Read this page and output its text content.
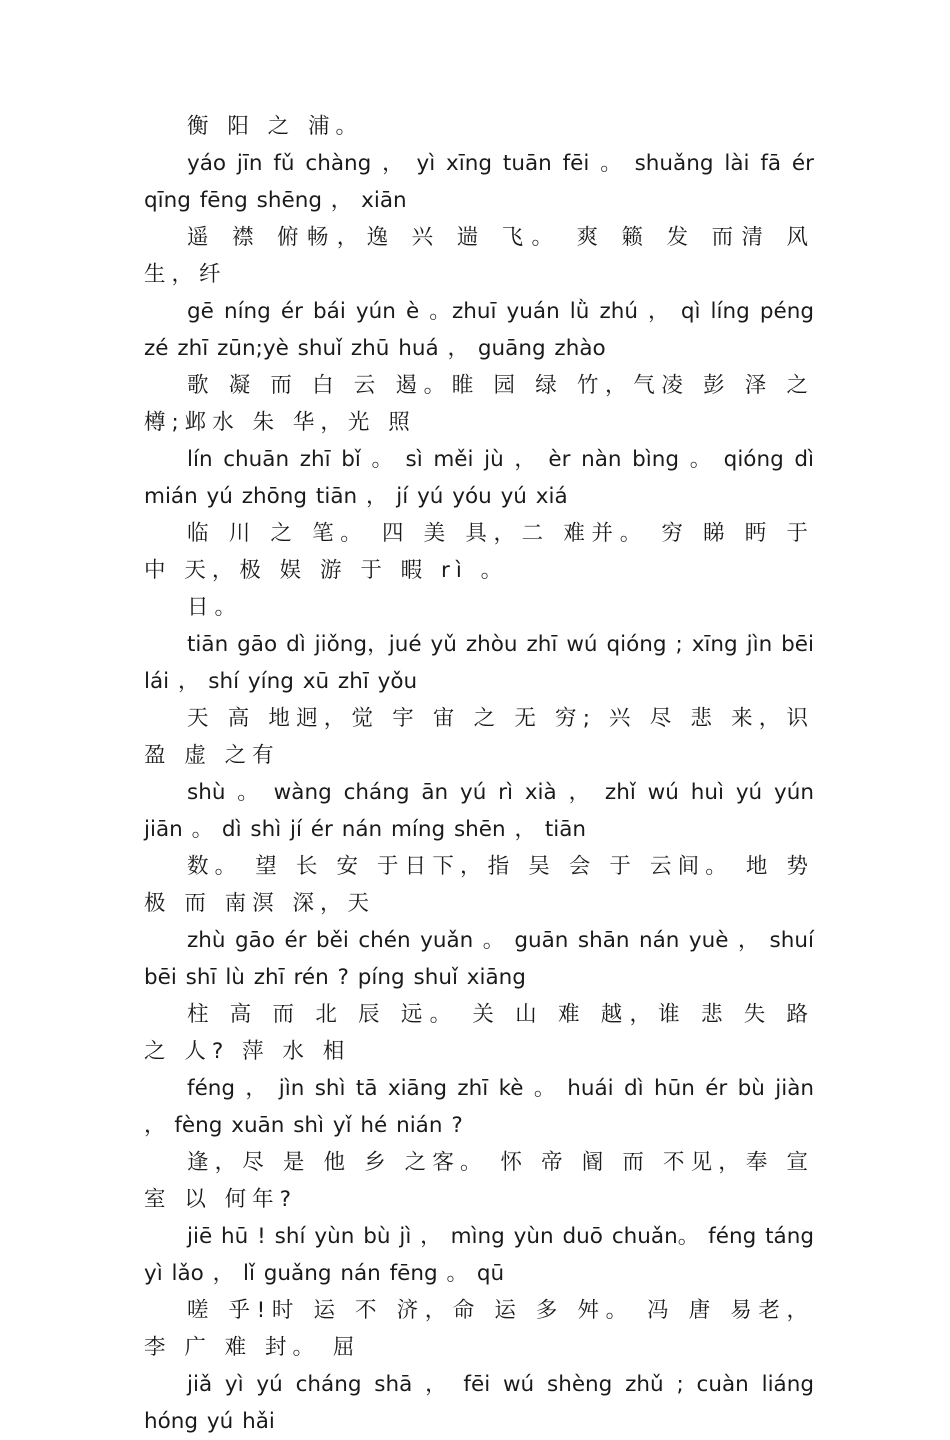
衡 阳 之 浦。

yáo jīn fǔ chàng ， yì xīng tuān fēi 。 shuǎng lài fā ér qīng fēng shēng ， xiān

遥 襟 俯畅，逸 兴 遄 飞。 爽 籁 发 而清 风 生，纤

gē níng ér bái yún è 。zhuī yuán lǜ zhú ， qì líng péng zé zhī zūn;yè shuǐ zhū huá ， guāng zhào

歌 凝 而 白 云 遏。睢 园 绿 竹，气凌 彭 泽 之 樽;邺水 朱 华，光 照

lín chuān zhī bǐ 。 sì měi jù ， èr nàn bìng 。 qióng dì mián yú zhōng tiān ， jí yú yóu yú xiá

临 川 之 笔。 四 美 具，二 难并。 穷 睇 眄 于中 天，极 娱 游 于 暇 rì 。

日。

tiān gāo dì jiǒng，jué yǔ zhòu zhī wú qióng ; xīng jìn bēi lái ， shí yíng xū zhī yǒu

天 高 地迥，觉 宇 宙 之 无 穷; 兴 尽 悲 来，识 盈 虚 之有

shù 。 wàng cháng ān yú rì xià ， zhǐ wú huì yú yún jiān 。 dì shì jí ér nán míng shēn ， tiān

数。 望 长 安 于日下，指 吴 会 于 云间。 地 势 极 而 南溟 深，天

zhù gāo ér běi chén yuǎn 。 guān shān nán yuè ， shuí bēi shī lù zhī rén ? píng shuǐ xiāng

柱 高 而 北 辰 远。 关 山 难 越，谁 悲 失 路 之 人? 萍 水 相

féng ， jìn shì tā xiāng zhī kè 。 huái dì hūn ér bù jiàn ， fèng xuān shì yǐ hé nián ?

逢，尽 是 他 乡 之客。 怀 帝 阍 而 不见，奉 宣 室 以 何年?

jiē hū ! shí yùn bù jì ， mìng yùn duō chuǎn。 féng táng yì lǎo ， lǐ guǎng nán fēng 。 qū

嗟 乎!时 运 不 济，命 运 多 舛。 冯 唐 易老，李 广 难 封。 屈

jiǎ yì yú cháng shā ， fēi wú shèng zhǔ ; cuàn liáng hóng yú hǎi
